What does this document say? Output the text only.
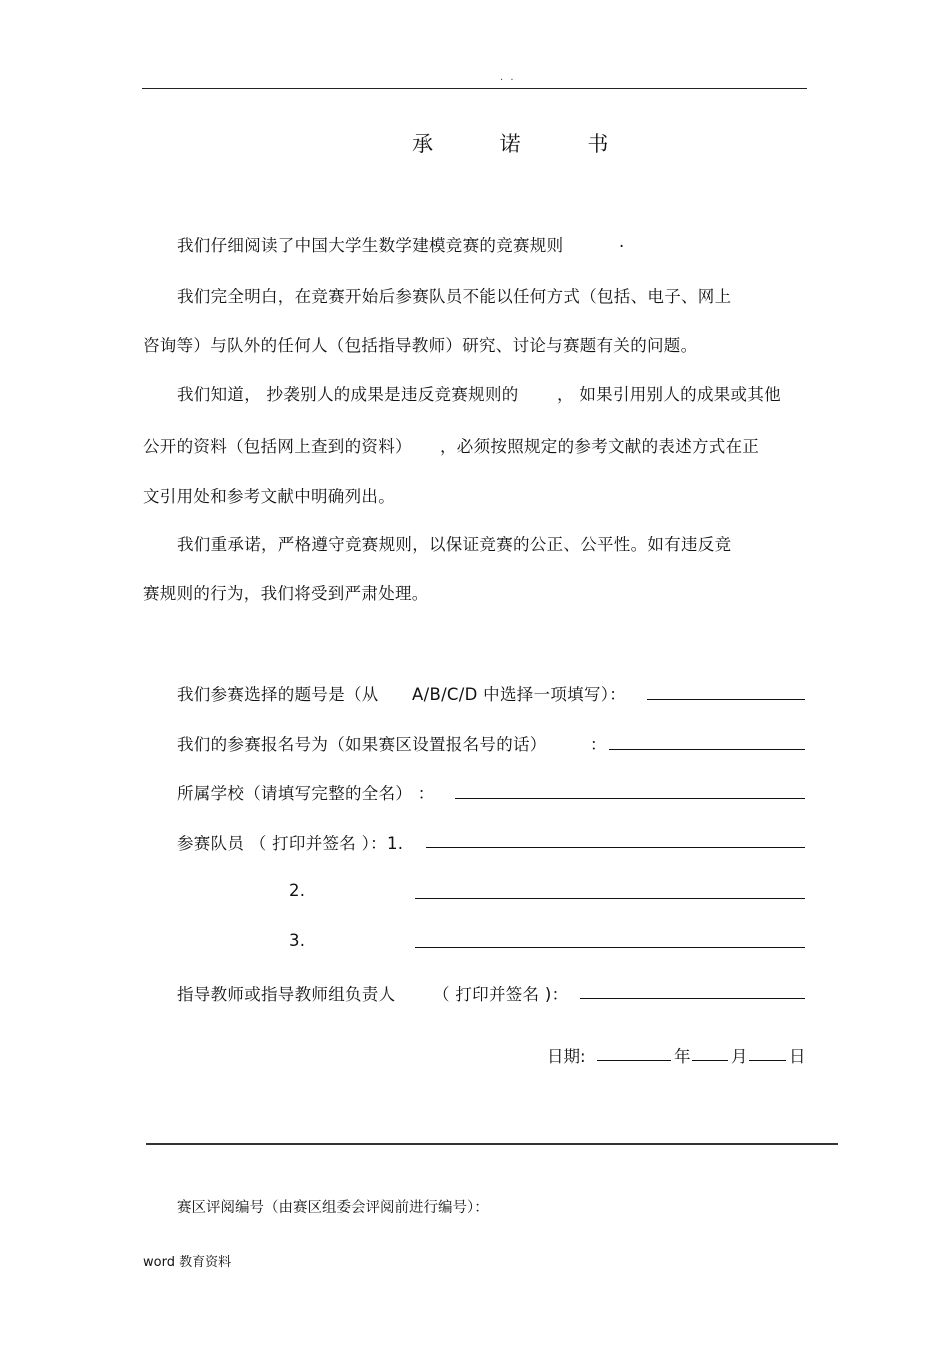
. .
承 诺 书
我们仔细阅读了中国大学生数学建模竞赛的竞赛规则	.
我们完全明白，在竞赛开始后参赛队员不能以任何方式（包括、电子、网上
咨询等）与队外的任何人（包括指导教师）研究、讨论与赛题有关的问题。
我们知道， 抄袭别人的成果是违反竞赛规则的 ， 如果引用别人的成果或其他
公开的资料（包括网上查到的资料） ，必须按照规定的参考文献的表述方式在正
文引用处和参考文献中明确列出。
我们重承诺，严格遵守竞赛规则，以保证竞赛的公正、公平性。如有违反竞
赛规则的行为，我们将受到严肃处理。
我们参赛选择的题号是（从 A/B/C/D 中选择一项填写）：
我们的参赛报名号为（如果赛区设置报名号的话）	：
所属学校（请填写完整的全名） ：
参赛队员 （ 打印并签名 ）：1.
2.
3.
指导教师或指导教师组负责人 （ 打印并签名 )：
日期:	年 月	日
赛区评阅编号（由赛区组委会评阅前进行编号）：
word 教育资料
